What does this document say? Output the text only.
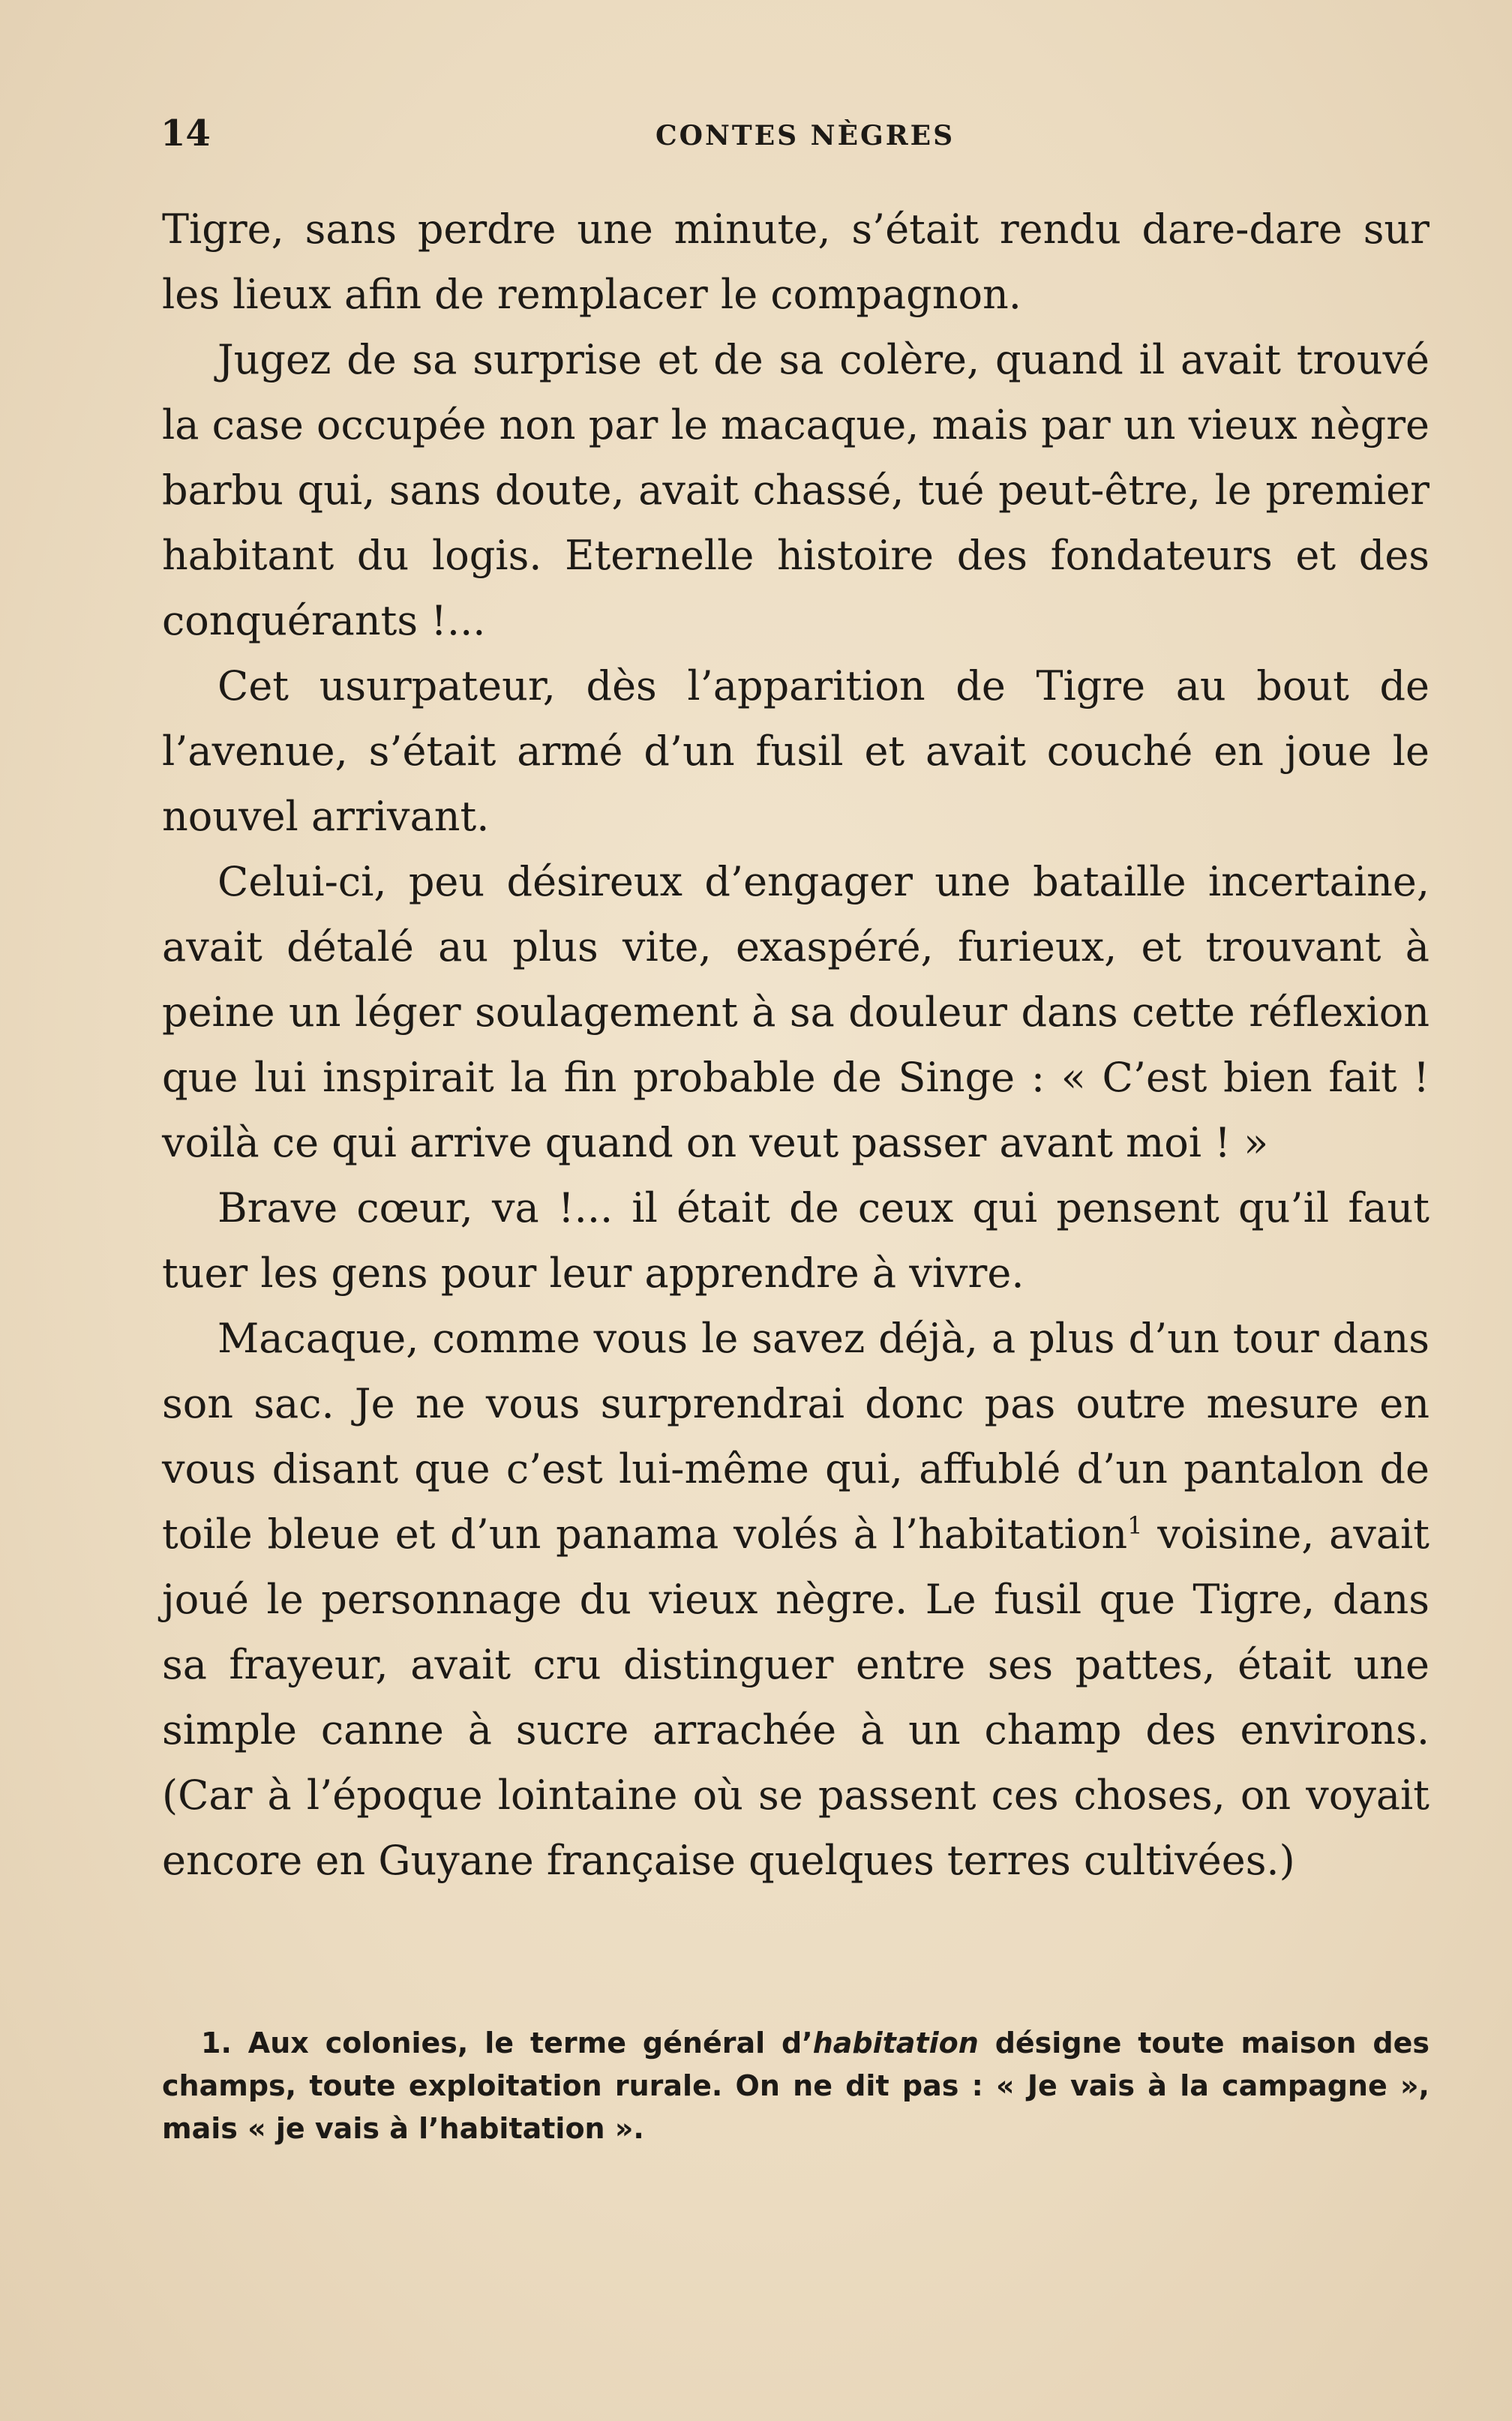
14	CONTES NÈGRES

Tigre, sans perdre une minute, s’était rendu dare-dare sur les lieux afin de remplacer le compagnon.

Jugez de sa surprise et de sa colère, quand il avait trouvé la case occupée non par le macaque, mais par un vieux nègre barbu qui, sans doute, avait chassé, tué peut-être, le premier habitant du logis. Eternelle histoire des fondateurs et des conquérants !...

Cet usurpateur, dès l’apparition de Tigre au bout de l’avenue, s’était armé d’un fusil et avait couché en joue le nouvel arrivant.

Celui-ci, peu désireux d’engager une bataille incertaine, avait détalé au plus vite, exaspéré, furieux, et trouvant à peine un léger soulagement à sa douleur dans cette réflexion que lui inspirait la fin probable de Singe : « C’est bien fait ! voilà ce qui arrive quand on veut passer avant moi ! »

Brave cœur, va !... il était de ceux qui pensent qu’il faut tuer les gens pour leur apprendre à vivre.

Macaque, comme vous le savez déjà, a plus d’un tour dans son sac. Je ne vous surprendrai donc pas outre mesure en vous disant que c’est lui-même qui, affublé d’un pantalon de toile bleue et d’un panama volés à l’habitation$^1$ voisine, avait joué le personnage du vieux nègre. Le fusil que Tigre, dans sa frayeur, avait cru distinguer entre ses pattes, était une simple canne à sucre arrachée à un champ des environs. (Car à l’époque lointaine où se passent ces choses, on voyait encore en Guyane française quelques terres cultivées.)

1. Aux colonies, le terme général d’habitation désigne toute maison des champs, toute exploitation rurale. On ne dit pas : « Je vais à la campagne », mais « je vais à l’habitation ».
